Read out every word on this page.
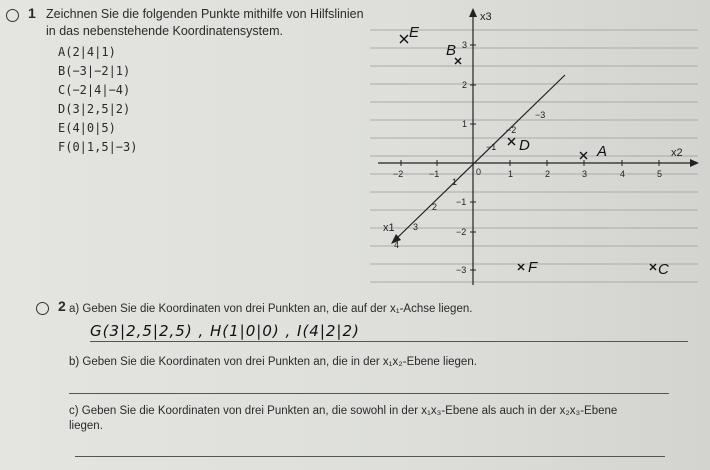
1 Zeichnen Sie die folgenden Punkte mithilfe von Hilfslinien in das nebenstehende Koordinatensystem.
A(2|4|1)
B(−3|−2|1)
C(−2|4|−4)
D(3|2,5|2)
E(4|0|5)
F(0|1,5|−3)
−2	−1	1	2	3	4	5
3
2
1
−1
−2
−3
−3
−2
−1
1
2
3
4
0
x3
x2
x1
E
B
D	A
F	C
2 a) Geben Sie die Koordinaten von drei Punkten an, die auf der x₁-Achse liegen.
G(3|2,5|2,5) , H(1|0|0) , I(4|2|2)
b) Geben Sie die Koordinaten von drei Punkten an, die in der x₁x₂-Ebene liegen.
c) Geben Sie die Koordinaten von drei Punkten an, die sowohl in der x₁x₃-Ebene als auch in der x₂x₃-Ebene
liegen.
